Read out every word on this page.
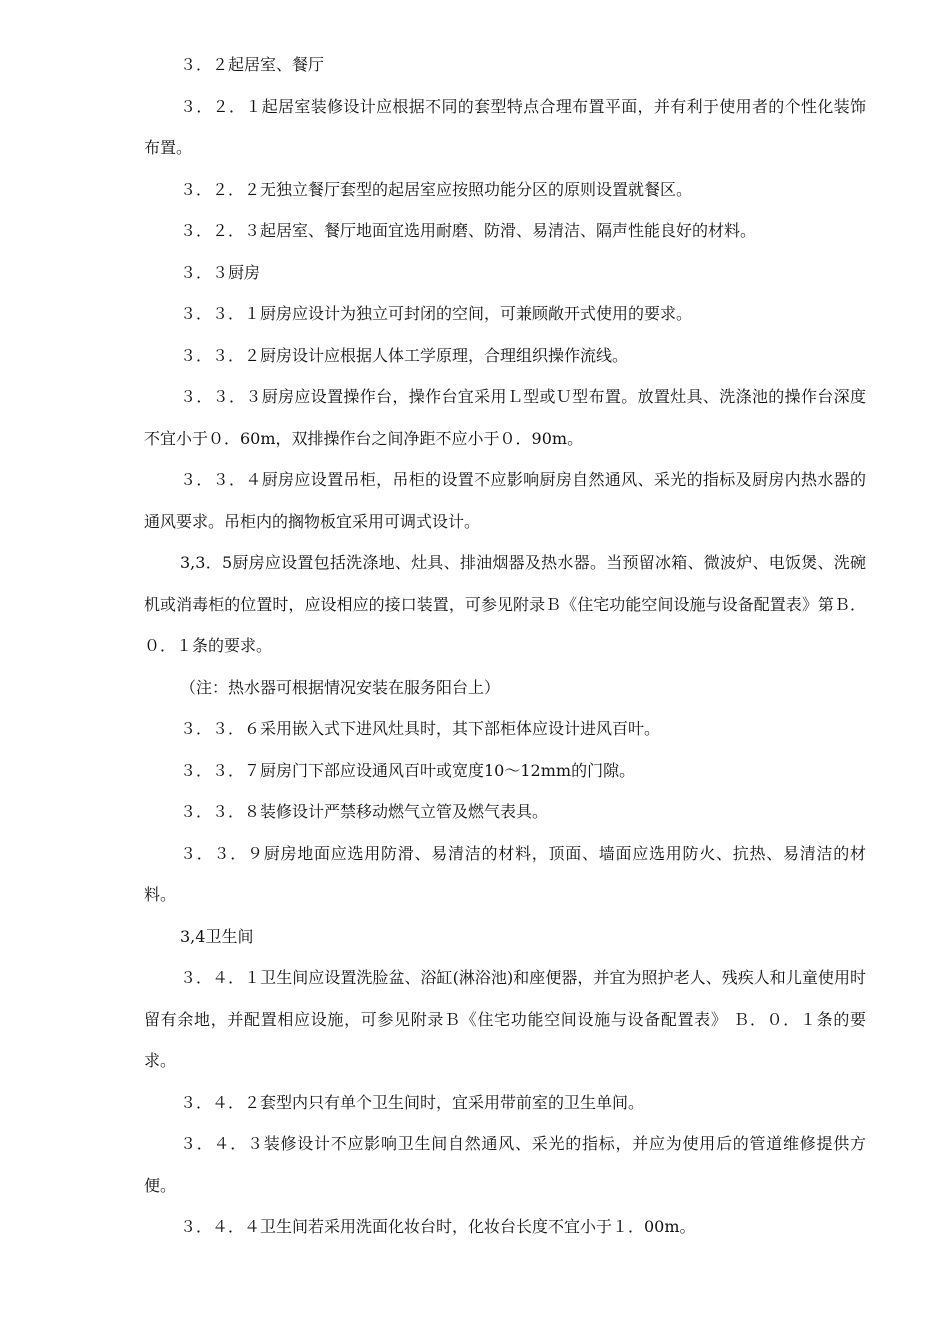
３．２起居室、餐厅

３．２．１起居室装修设计应根据不同的套型特点合理布置平面，并有利于使用者的个性化装饰布置。

３．２．２无独立餐厅套型的起居室应按照功能分区的原则设置就餐区。

３．２．３起居室、餐厅地面宜选用耐磨、防滑、易清洁、隔声性能良好的材料。

３．３厨房

３．３．１厨房应设计为独立可封闭的空间，可兼顾敞开式使用的要求。

３．３．２厨房设计应根据人体工学原理，合理组织操作流线。

３．３．３厨房应设置操作台，操作台宜采用Ｌ型或Ｕ型布置。放置灶具、洗涤池的操作台深度不宜小于０．60m，双排操作台之间净距不应小于０．90m。

３．３．４厨房应设置吊柜，吊柜的设置不应影响厨房自然通风、采光的指标及厨房内热水器的通风要求。吊柜内的搁物板宜采用可调式设计。

3,3．5厨房应设置包括洗涤地、灶具、排油烟器及热水器。当预留冰箱、微波炉、电饭煲、洗碗机或消毒柜的位置时，应设相应的接口装置，可参见附录Ｂ《住宅功能空间设施与设备配置表》第Ｂ．０．１条的要求。

（注：热水器可根据情况安装在服务阳台上）

３．３．６采用嵌入式下进风灶具时，其下部柜体应设计进风百叶。

３．３．７厨房门下部应设通风百叶或宽度10～12mm的门隙。

３．３．８装修设计严禁移动燃气立管及燃气表具。

３．３．９厨房地面应选用防滑、易清洁的材料，顶面、墙面应选用防火、抗热、易清洁的材料。

3,4卫生间

３．４．１卫生间应设置洗脸盆、浴缸(淋浴池)和座便器，并宜为照护老人、残疾人和儿童使用时留有余地，并配置相应设施，可参见附录Ｂ《住宅功能空间设施与设备配置表》 Ｂ．０．１条的要求。

３．４．２套型内只有单个卫生间时，宜采用带前室的卫生单间。

３．４．３装修设计不应影响卫生间自然通风、采光的指标，并应为使用后的管道维修提供方便。

３．４．４卫生间若采用洗面化妆台时，化妆台长度不宜小于１．00m。
